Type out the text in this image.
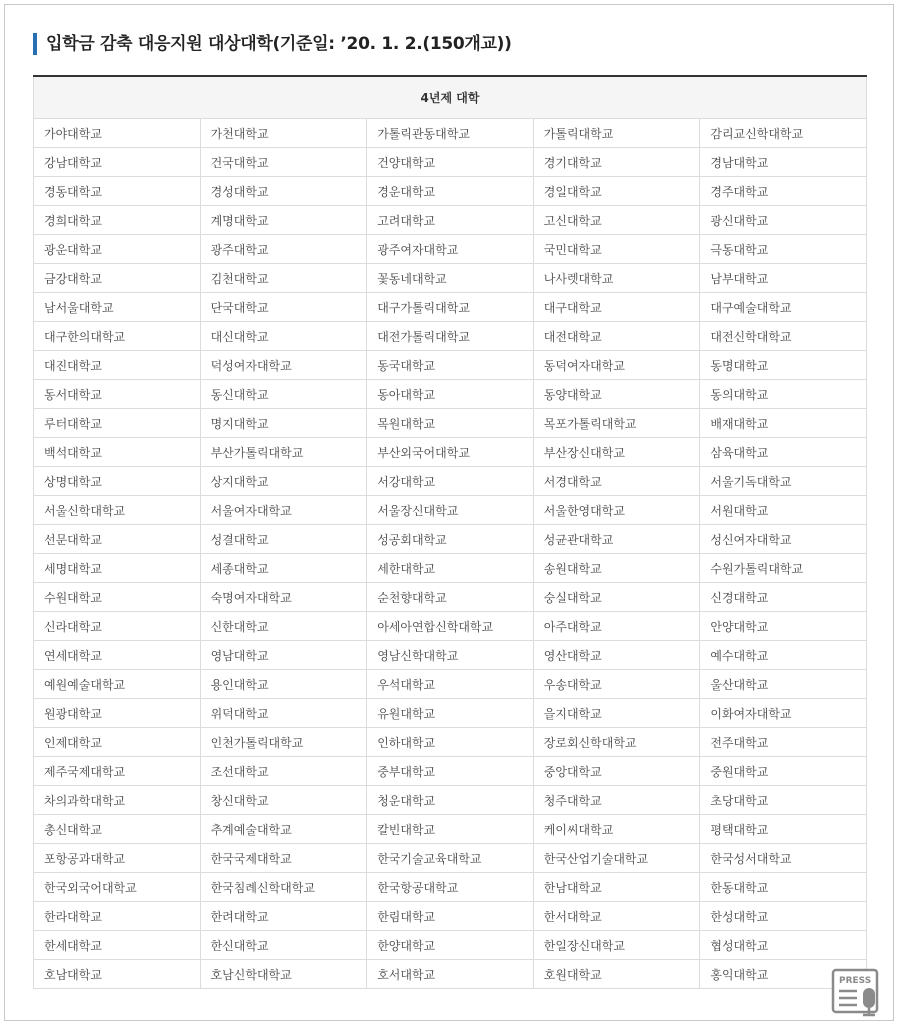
입학금 감축 대응지원 대상대학(기준일: ’20. 1. 2.(150개교))
4년제 대학				
가야대학교	가천대학교	가톨릭관동대학교	가톨릭대학교	감리교신학대학교
강남대학교	건국대학교	건양대학교	경기대학교	경남대학교
경동대학교	경성대학교	경운대학교	경일대학교	경주대학교
경희대학교	계명대학교	고려대학교	고신대학교	광신대학교
광운대학교	광주대학교	광주여자대학교	국민대학교	극동대학교
금강대학교	김천대학교	꽃동네대학교	나사렛대학교	남부대학교
남서울대학교	단국대학교	대구가톨릭대학교	대구대학교	대구예술대학교
대구한의대학교	대신대학교	대전가톨릭대학교	대전대학교	대전신학대학교
대진대학교	덕성여자대학교	동국대학교	동덕여자대학교	동명대학교
동서대학교	동신대학교	동아대학교	동양대학교	동의대학교
루터대학교	명지대학교	목원대학교	목포가톨릭대학교	배재대학교
백석대학교	부산가톨릭대학교	부산외국어대학교	부산장신대학교	삼육대학교
상명대학교	상지대학교	서강대학교	서경대학교	서울기독대학교
서울신학대학교	서울여자대학교	서울장신대학교	서울한영대학교	서원대학교
선문대학교	성결대학교	성공회대학교	성균관대학교	성신여자대학교
세명대학교	세종대학교	세한대학교	송원대학교	수원가톨릭대학교
수원대학교	숙명여자대학교	순천향대학교	숭실대학교	신경대학교
신라대학교	신한대학교	아세아연합신학대학교	아주대학교	안양대학교
연세대학교	영남대학교	영남신학대학교	영산대학교	예수대학교
예원예술대학교	용인대학교	우석대학교	우송대학교	울산대학교
원광대학교	위덕대학교	유원대학교	을지대학교	이화여자대학교
인제대학교	인천가톨릭대학교	인하대학교	장로회신학대학교	전주대학교
제주국제대학교	조선대학교	중부대학교	중앙대학교	중원대학교
차의과학대학교	창신대학교	청운대학교	청주대학교	초당대학교
총신대학교	추계예술대학교	칼빈대학교	케이씨대학교	평택대학교
포항공과대학교	한국국제대학교	한국기술교육대학교	한국산업기술대학교	한국성서대학교
한국외국어대학교	한국침례신학대학교	한국항공대학교	한남대학교	한동대학교
한라대학교	한려대학교	한림대학교	한서대학교	한성대학교
한세대학교	한신대학교	한양대학교	한일장신대학교	협성대학교
호남대학교	호남신학대학교	호서대학교	호원대학교	홍익대학교	PRESS
